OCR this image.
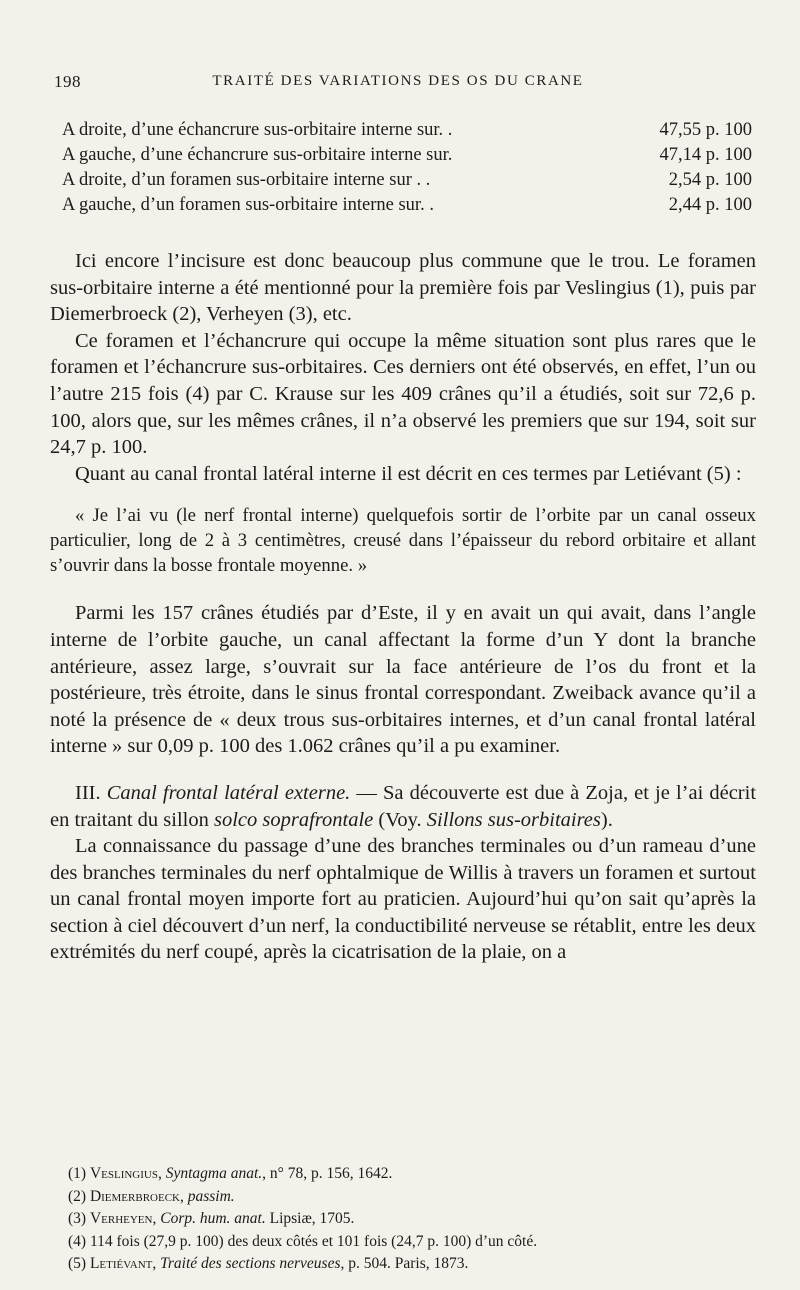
198	TRAITÉ DES VARIATIONS DES OS DU CRANE
A droite, d’une échancrure sus-orbitaire interne sur. .	47,55 p. 100
A gauche, d’une échancrure sus-orbitaire interne sur.	47,14 p. 100
A droite, d’un foramen sus-orbitaire interne sur . .	2,54 p. 100
A gauche, d’un foramen sus-orbitaire interne sur. .	2,44 p. 100

Ici encore l’incisure est donc beaucoup plus commune que le trou. Le foramen sus-orbitaire interne a été mentionné pour la première fois par Veslingius (1), puis par Diemerbroeck (2), Verheyen (3), etc.

Ce foramen et l’échancrure qui occupe la même situation sont plus rares que le foramen et l’échancrure sus-orbitaires. Ces derniers ont été observés, en effet, l’un ou l’autre 215 fois (4) par C. Krause sur les 409 crânes qu’il a étudiés, soit sur 72,6 p. 100, alors que, sur les mêmes crânes, il n’a observé les premiers que sur 194, soit sur 24,7 p. 100.

Quant au canal frontal latéral interne il est décrit en ces termes par Letiévant (5) :

« Je l’ai vu (le nerf frontal interne) quelquefois sortir de l’orbite par un canal osseux particulier, long de 2 à 3 centimètres, creusé dans l’épaisseur du rebord orbitaire et allant s’ouvrir dans la bosse frontale moyenne. »

Parmi les 157 crânes étudiés par d’Este, il y en avait un qui avait, dans l’angle interne de l’orbite gauche, un canal affectant la forme d’un Y dont la branche antérieure, assez large, s’ouvrait sur la face antérieure de l’os du front et la postérieure, très étroite, dans le sinus frontal correspondant. Zweiback avance qu’il a noté la présence de « deux trous sus-orbitaires internes, et d’un canal frontal latéral interne » sur 0,09 p. 100 des 1.062 crânes qu’il a pu examiner.

III. Canal frontal latéral externe. — Sa découverte est due à Zoja, et je l’ai décrit en traitant du sillon solco soprafrontale (Voy. Sillons sus-orbitaires).

La connaissance du passage d’une des branches terminales ou d’un rameau d’une des branches terminales du nerf ophtalmique de Willis à travers un foramen et surtout un canal frontal moyen importe fort au praticien. Aujourd’hui qu’on sait qu’après la section à ciel découvert d’un nerf, la conductibilité nerveuse se rétablit, entre les deux extrémités du nerf coupé, après la cicatrisation de la plaie, on a

(1) Veslingius, Syntagma anat., n° 78, p. 156, 1642.
(2) Diemerbroeck, passim.
(3) Verheyen, Corp. hum. anat. Lipsiæ, 1705.
(4) 114 fois (27,9 p. 100) des deux côtés et 101 fois (24,7 p. 100) d’un côté.
(5) Letiévant, Traité des sections nerveuses, p. 504. Paris, 1873.
